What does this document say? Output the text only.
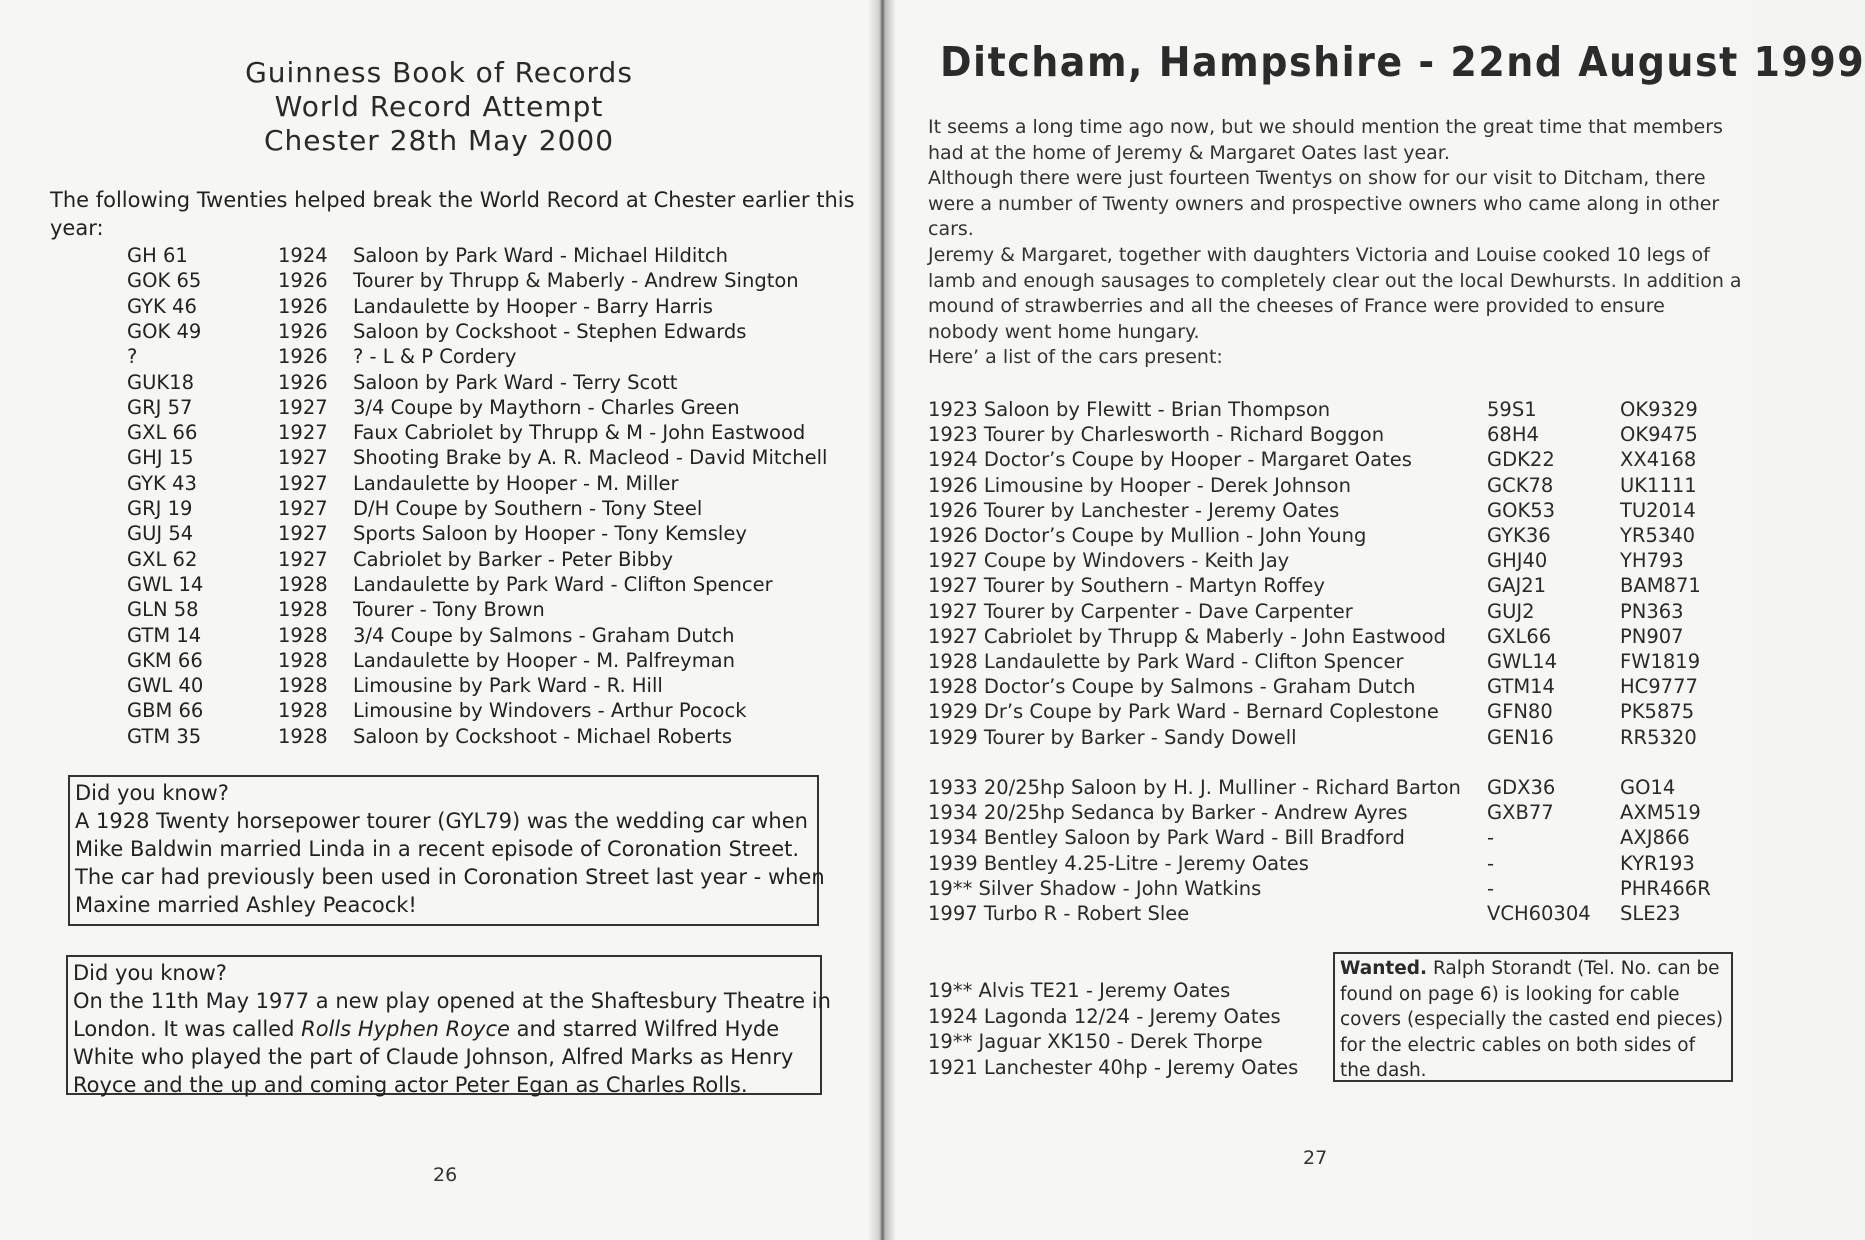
Guinness Book of Records
World Record Attempt
Chester 28th May 2000
The following Twenties helped break the World Record at Chester earlier this
year:
GH 61	1924 Saloon by Park Ward - Michael Hilditch
GOK 65	1926 Tourer by Thrupp & Maberly - Andrew Sington
GYK 46	1926 Landaulette by Hooper - Barry Harris
GOK 49	1926 Saloon by Cockshoot - Stephen Edwards
?	1926 ? - L & P Cordery
GUK18	1926 Saloon by Park Ward - Terry Scott
GRJ 57	1927 3/4 Coupe by Maythorn - Charles Green
GXL 66	1927 Faux Cabriolet by Thrupp & M - John Eastwood
GHJ 15	1927 Shooting Brake by A. R. Macleod - David Mitchell
GYK 43	1927 Landaulette by Hooper - M. Miller
GRJ 19	1927 D/H Coupe by Southern - Tony Steel
GUJ 54	1927 Sports Saloon by Hooper - Tony Kemsley
GXL 62	1927 Cabriolet by Barker - Peter Bibby
GWL 14	1928 Landaulette by Park Ward - Clifton Spencer
GLN 58	1928 Tourer - Tony Brown
GTM 14	1928 3/4 Coupe by Salmons - Graham Dutch
GKM 66	1928 Landaulette by Hooper - M. Palfreyman
GWL 40	1928 Limousine by Park Ward - R. Hill
GBM 66	1928 Limousine by Windovers - Arthur Pocock
GTM 35	1928 Saloon by Cockshoot - Michael Roberts
Did you know?
A 1928 Twenty horsepower tourer (GYL79) was the wedding car when
Mike Baldwin married Linda in a recent episode of Coronation Street.
The car had previously been used in Coronation Street last year - when
Maxine married Ashley Peacock!
Did you know?
On the 11th May 1977 a new play opened at the Shaftesbury Theatre in
London. It was called Rolls Hyphen Royce and starred Wilfred Hyde
White who played the part of Claude Johnson, Alfred Marks as Henry
Royce and the up and coming actor Peter Egan as Charles Rolls.
26
Ditcham, Hampshire - 22nd August 1999
It seems a long time ago now, but we should mention the great time that members
had at the home of Jeremy & Margaret Oates last year.
Although there were just fourteen Twentys on show for our visit to Ditcham, there
were a number of Twenty owners and prospective owners who came along in other
cars.
Jeremy & Margaret, together with daughters Victoria and Louise cooked 10 legs of
lamb and enough sausages to completely clear out the local Dewhursts. In addition a
mound of strawberries and all the cheeses of France were provided to ensure
nobody went home hungary.
Here’ a list of the cars present:
1923 Saloon by Flewitt - Brian Thompson	59S1	OK9329
1923 Tourer by Charlesworth - Richard Boggon	68H4	OK9475
1924 Doctor’s Coupe by Hooper - Margaret Oates	GDK22	XX4168
1926 Limousine by Hooper - Derek Johnson	GCK78	UK1111
1926 Tourer by Lanchester - Jeremy Oates	GOK53	TU2014
1926 Doctor’s Coupe by Mullion - John Young	GYK36	YR5340
1927 Coupe by Windovers - Keith Jay	GHJ40	YH793
1927 Tourer by Southern - Martyn Roffey	GAJ21	BAM871
1927 Tourer by Carpenter - Dave Carpenter	GUJ2	PN363
1927 Cabriolet by Thrupp & Maberly - John Eastwood GXL66	PN907
1928 Landaulette by Park Ward - Clifton Spencer	GWL14	FW1819
1928 Doctor’s Coupe by Salmons - Graham Dutch	GTM14	HC9777
1929 Dr’s Coupe by Park Ward - Bernard Coplestone GFN80	PK5875
1929 Tourer by Barker - Sandy Dowell	GEN16	RR5320
1933 20/25hp Saloon by H. J. Mulliner - Richard Barton GDX36	GO14
1934 20/25hp Sedanca by Barker - Andrew Ayres	GXB77	AXM519
1934 Bentley Saloon by Park Ward - Bill Bradford	-	AXJ866
1939 Bentley 4.25-Litre - Jeremy Oates	-	KYR193
19** Silver Shadow - John Watkins	-	PHR466R
1997 Turbo R - Robert Slee	VCH60304 SLE23
19** Alvis TE21 - Jeremy Oates
1924 Lagonda 12/24 - Jeremy Oates
19** Jaguar XK150 - Derek Thorpe
1921 Lanchester 40hp - Jeremy Oates
Wanted. Ralph Storandt (Tel. No. can be
found on page 6) is looking for cable
covers (especially the casted end pieces)
for the electric cables on both sides of
the dash.
27
